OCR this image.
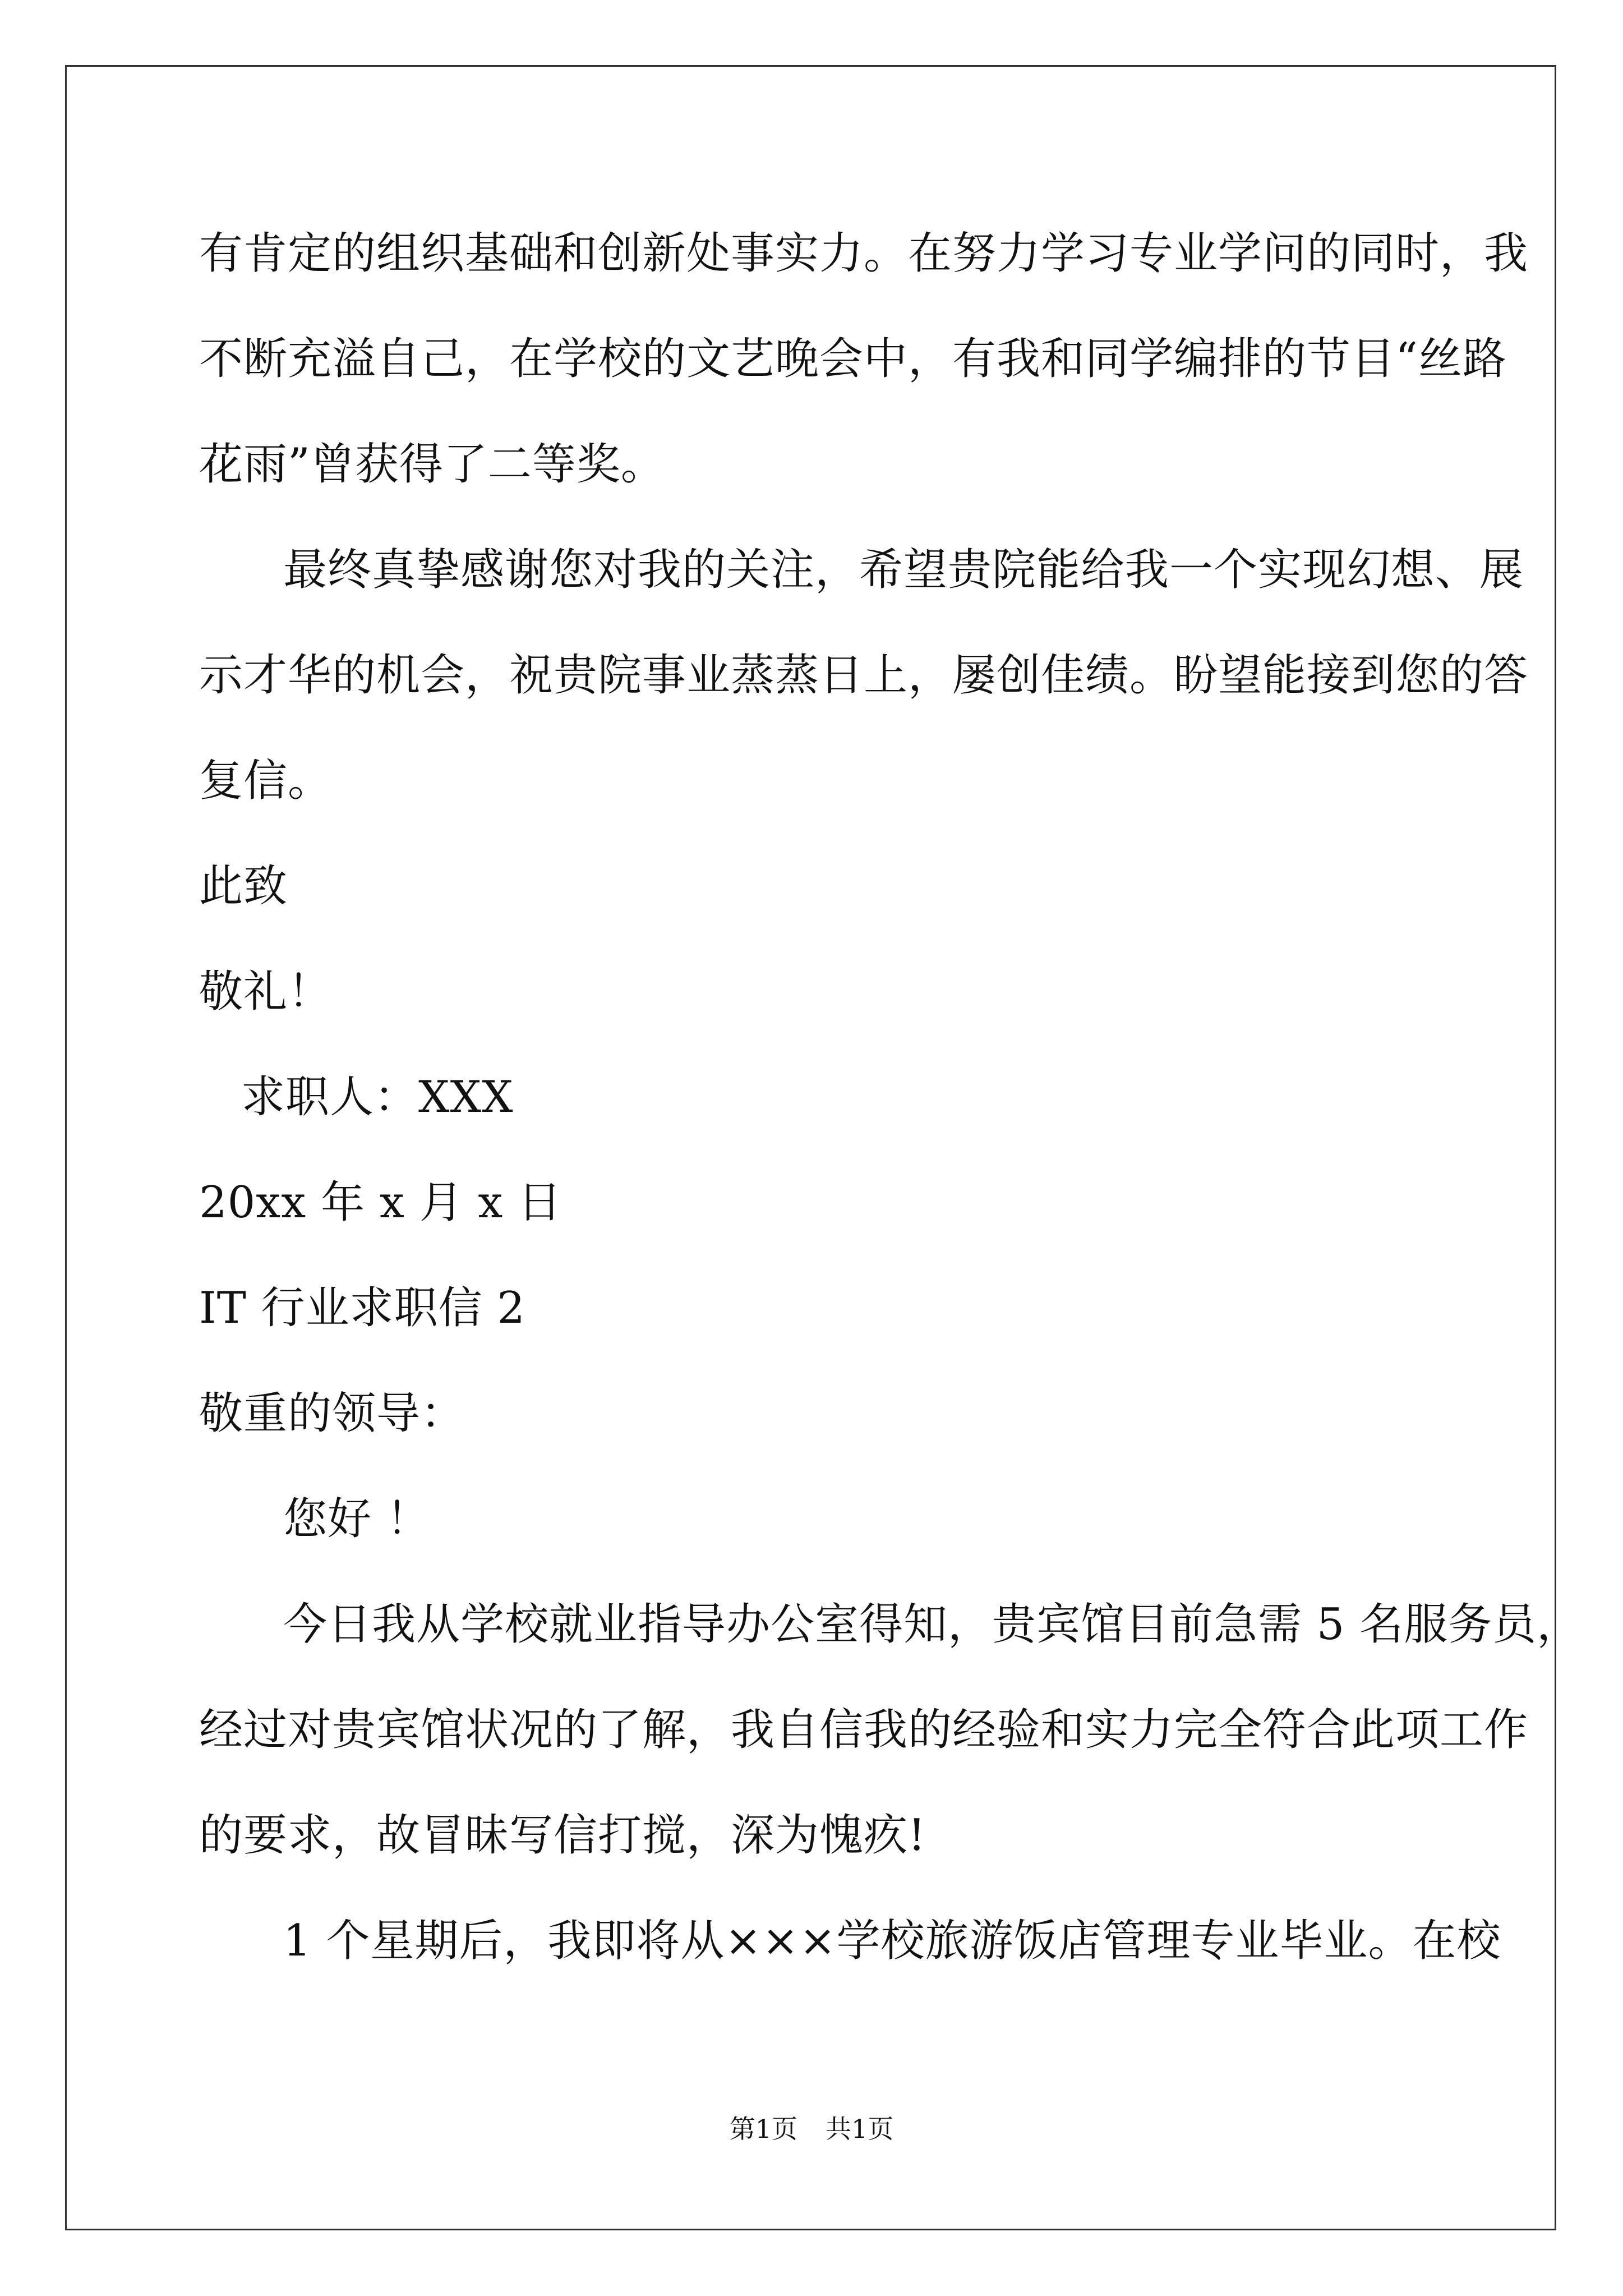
有肯定的组织基础和创新处事实力。在努力学习专业学问的同时，我
不断充溢自己，在学校的文艺晚会中，有我和同学编排的节目“丝路
花雨”曾获得了二等奖。
最终真挚感谢您对我的关注，希望贵院能给我一个实现幻想、展
示才华的机会，祝贵院事业蒸蒸日上，屡创佳绩。盼望能接到您的答
复信。
此致
敬礼！
求职人：XXX
20xx 年 x 月 x 日
IT 行业求职信 2
敬重的领导：
您好 ！
今日我从学校就业指导办公室得知，贵宾馆目前急需 5 名服务员，
经过对贵宾馆状况的了解，我自信我的经验和实力完全符合此项工作
的要求，故冒昧写信打搅，深为愧疚!
1 个星期后，我即将从×××学校旅游饭店管理专业毕业。在校
第1页 共1页
